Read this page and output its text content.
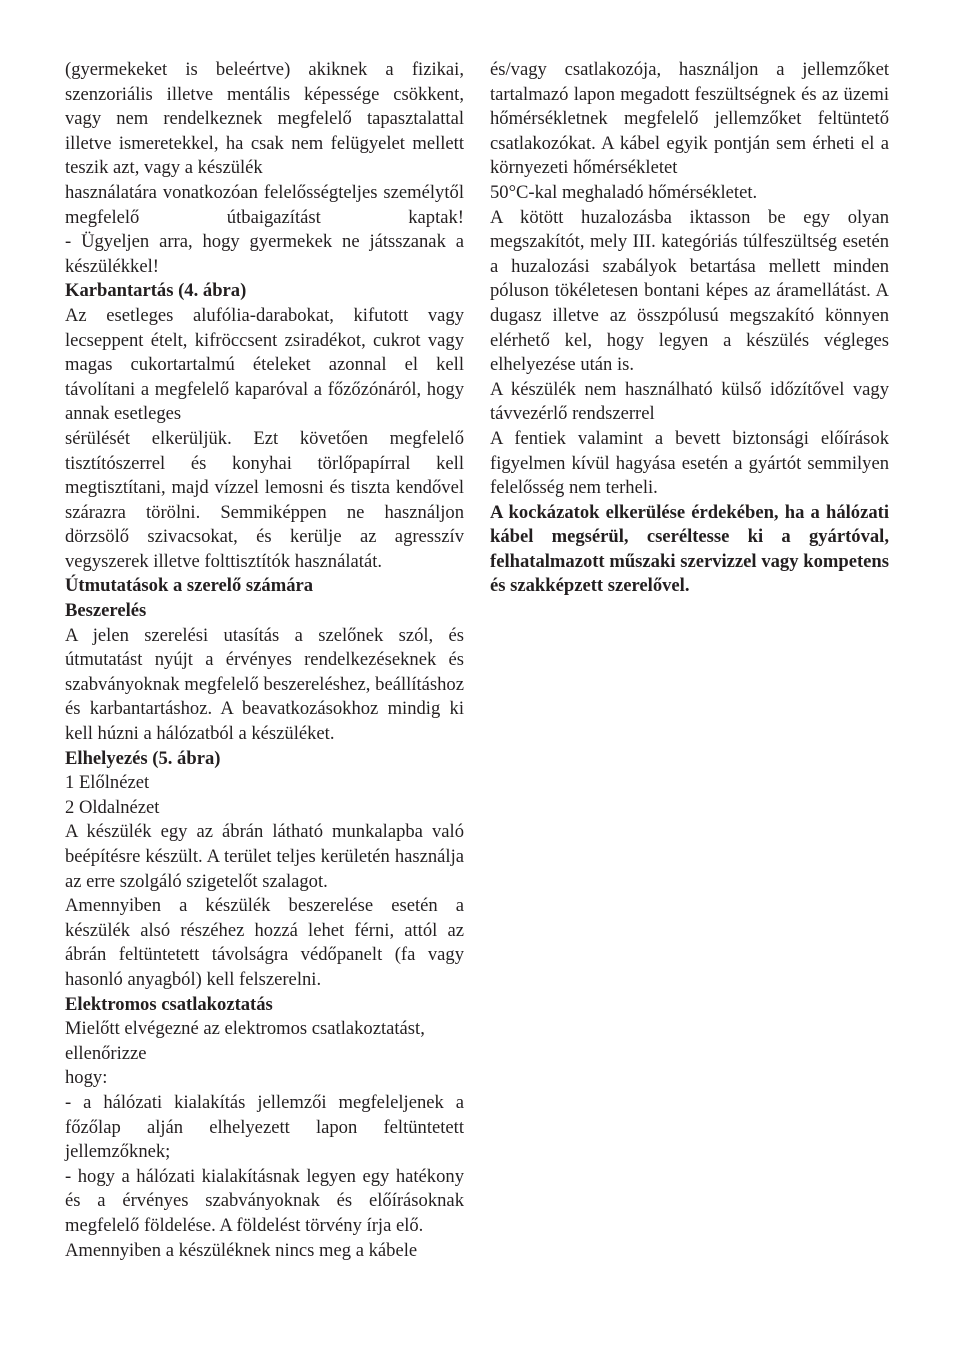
(gyermekeket is beleértve) akiknek a fizikai, szenzoriális illetve mentális képessége csökkent, vagy nem rendelkeznek megfelelő tapasztalattal illetve ismeretekkel, ha csak nem felügyelet mellett teszik azt, vagy a készülék

használatára vonatkozóan felelősségteljes személytől megfelelő útbaigazítást kaptak!

- Ügyeljen arra, hogy gyermekek ne játsszanak a készülékkel!

Karbantartás (4. ábra)

Az esetleges alufólia-darabokat, kifutott vagy lecseppent ételt, kifröccsent zsiradékot, cukrot vagy magas cukortartalmú ételeket azonnal el kell távolítani a megfelelő kaparóval a főzőzónáról, hogy annak esetleges

sérülését elkerüljük. Ezt követően megfelelő tisztítószerrel és konyhai törlőpapírral kell megtisztítani, majd vízzel lemosni és tiszta kendővel szárazra törölni. Semmiképpen ne használjon dörzsölő szivacsokat, és kerülje az agresszív vegyszerek illetve folttisztítók használatát.

Útmutatások a szerelő számára
Beszerelés

A jelen szerelési utasítás a szelőnek szól, és útmutatást nyújt a érvényes rendelkezéseknek és szabványoknak megfelelő beszereléshez, beállításhoz és karbantartáshoz. A beavatkozásokhoz mindig ki kell húzni a hálózatból a készüléket.

Elhelyezés (5. ábra)

1 Előlnézet

2 Oldalnézet

A készülék egy az ábrán látható munkalapba való beépítésre készült. A terület teljes kerületén használja az erre szolgáló szigetelőt szalagot.

Amennyiben a készülék beszerelése esetén a készülék alsó részéhez hozzá lehet férni, attól az ábrán feltüntetett távolságra védőpanelt (fa vagy hasonló anyagból) kell felszerelni.

Elektromos csatlakoztatás

Mielőtt elvégezné az elektromos csatlakoztatást, ellenőrizze

hogy:

- a hálózati kialakítás jellemzői megfeleljenek a főzőlap alján elhelyezett lapon feltüntetett jellemzőknek;

- hogy a hálózati kialakításnak legyen egy hatékony és a érvényes szabványoknak és előírásoknak megfelelő földelése. A földelést törvény írja elő.

Amennyiben a készüléknek nincs meg a kábele

és/vagy csatlakozója, használjon a jellemzőket tartalmazó lapon megadott feszültségnek és az üzemi hőmérsékletnek megfelelő jellemzőket feltüntető csatlakozókat. A kábel egyik pontján sem érheti el a környezeti hőmérsékletet

50°C-kal meghaladó hőmérsékletet.

A kötött huzalozásba iktasson be egy olyan megszakítót, mely III. kategóriás túlfeszültség esetén a huzalozási szabályok betartása mellett minden póluson tökéletesen bontani képes az áramellátást. A dugasz illetve az összpólusú megszakító könnyen elérhető kel, hogy legyen a készülés végleges elhelyezése után is.

A készülék nem használható külső időzítővel vagy távvezérlő rendszerrel

A fentiek valamint a bevett biztonsági előírások figyelmen kívül hagyása esetén a gyártót semmilyen felelősség nem terheli.

A kockázatok elkerülése érdekében, ha a hálózati kábel megsérül, cseréltesse ki a gyártóval, felhatalmazott műszaki szervizzel vagy kompetens és szakképzett szerelővel.
